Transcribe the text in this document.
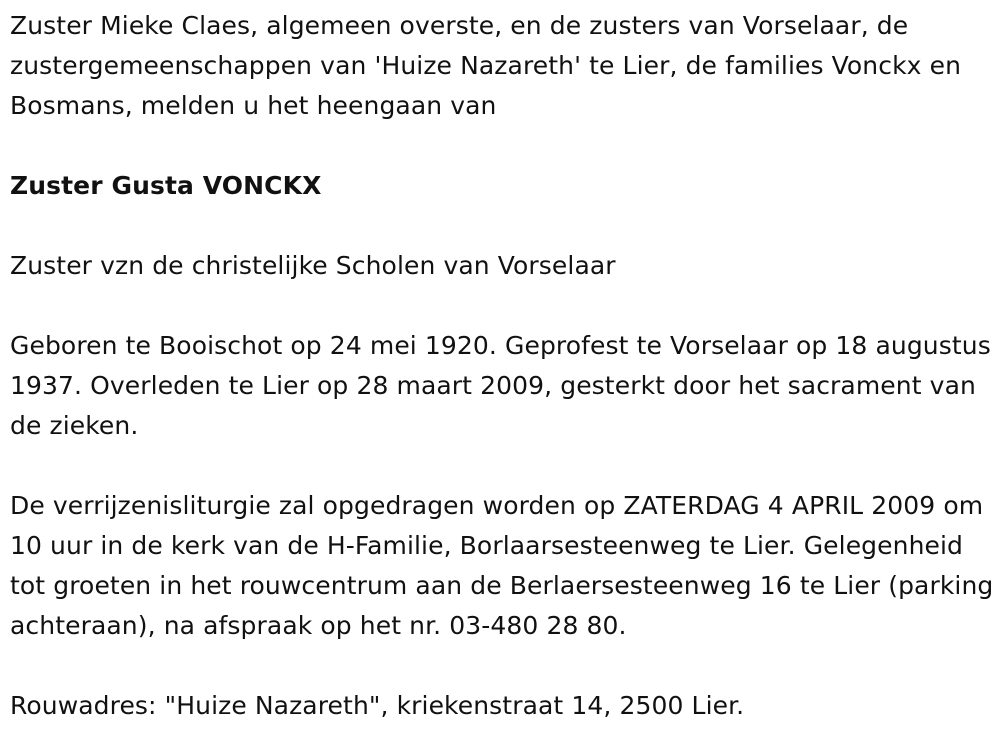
Zuster Mieke Claes, algemeen overste, en de zusters van Vorselaar, de zustergemeenschappen van 'Huize Nazareth' te Lier, de families Vonckx en Bosmans, melden u het heengaan van

Zuster Gusta VONCKX

Zuster vzn de christelijke Scholen van Vorselaar

Geboren te Booischot op 24 mei 1920. Geprofest te Vorselaar op 18 augustus 1937. Overleden te Lier op 28 maart 2009, gesterkt door het sacrament van de zieken.

De verrijzenisliturgie zal opgedragen worden op ZATERDAG 4 APRIL 2009 om 10 uur in de kerk van de H-Familie, Borlaarsesteenweg te Lier. Gelegenheid tot groeten in het rouwcentrum aan de Berlaersesteenweg 16 te Lier (parking achteraan), na afspraak op het nr. 03-480 28 80.

Rouwadres: "Huize Nazareth", kriekenstraat 14, 2500 Lier.
